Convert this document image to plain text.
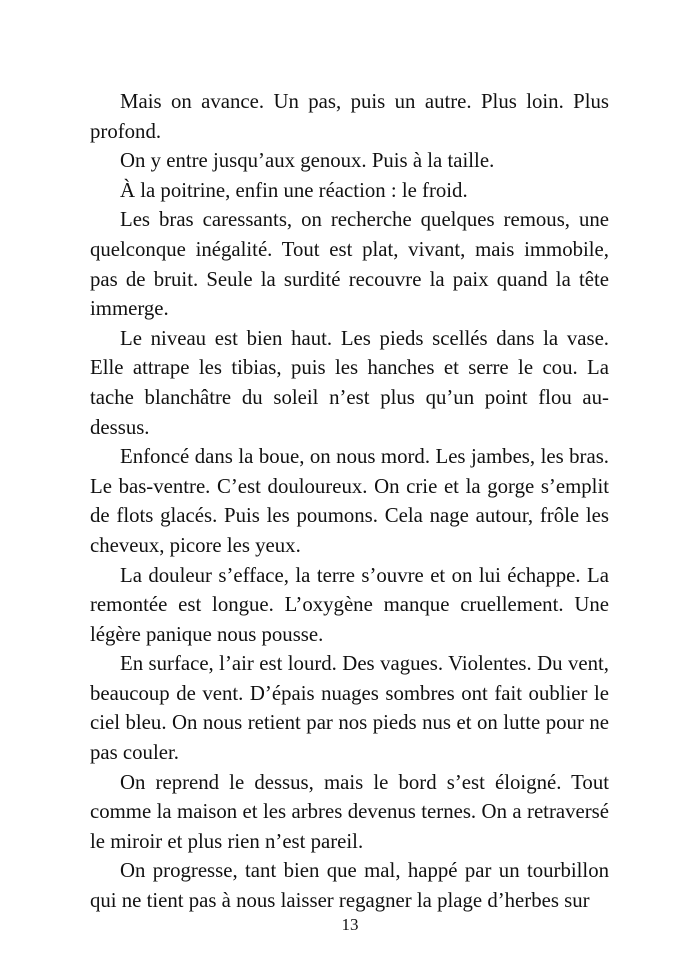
Mais on avance. Un pas, puis un autre. Plus loin. Plus profond.

On y entre jusqu’aux genoux. Puis à la taille.

À la poitrine, enfin une réaction : le froid.

Les bras caressants, on recherche quelques remous, une quelconque inégalité. Tout est plat, vivant, mais immobile, pas de bruit. Seule la surdité recouvre la paix quand la tête immerge.

Le niveau est bien haut. Les pieds scellés dans la vase. Elle attrape les tibias, puis les hanches et serre le cou. La tache blanchâtre du soleil n’est plus qu’un point flou au-dessus.

Enfoncé dans la boue, on nous mord. Les jambes, les bras. Le bas-ventre. C’est douloureux. On crie et la gorge s’emplit de flots glacés. Puis les poumons. Cela nage autour, frôle les cheveux, picore les yeux.

La douleur s’efface, la terre s’ouvre et on lui échappe. La remontée est longue. L’oxygène manque cruellement. Une légère panique nous pousse.

En surface, l’air est lourd. Des vagues. Violentes. Du vent, beaucoup de vent. D’épais nuages sombres ont fait oublier le ciel bleu. On nous retient par nos pieds nus et on lutte pour ne pas couler.

On reprend le dessus, mais le bord s’est éloigné. Tout comme la maison et les arbres devenus ternes. On a retraversé le miroir et plus rien n’est pareil.

On progresse, tant bien que mal, happé par un tourbillon qui ne tient pas à nous laisser regagner la plage d’herbes sur

13
